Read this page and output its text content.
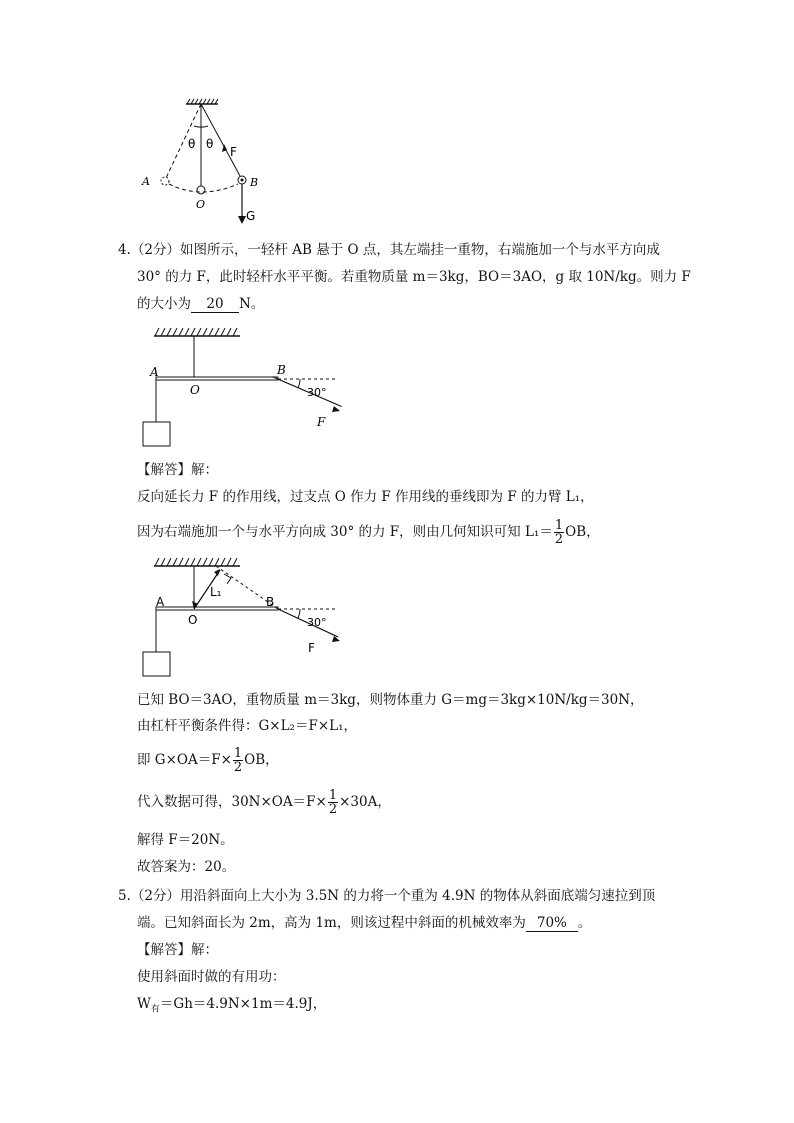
θ θ
F
A	B
O
G
4.（2分）如图所示，一轻杆 AB 悬于 O 点，其左端挂一重物，右端施加一个与水平方向成
30° 的力 F，此时轻杆水平平衡。若重物质量 m＝3kg，BO＝3AO，g 取 10N/kg。则力 F
的大小为 20 N。
A
O
B
30°
F
【解答】解：
反向延长力 F 的作用线，过支点 O 作力 F 作用线的垂线即为 F 的力臂 L₁，
因为右端施加一个与水平方向成 30° 的力 F，则由几何知识可知 $L_1= \frac{1}{2}$ OB，
A
O
B
L₁
30°
F
已知 BO＝3AO，重物质量 m＝3kg，则物体重力 G＝mg＝3kg×10N/kg＝30N，
由杠杆平衡条件得：G×L₂＝F×L₁，
即 $G\times OA=F\times \frac{1}{2}$ OB，
代入数据可得，$30N\times OA=F\times \frac{1}{2} \times 30A$，
解得 F＝20N。
故答案为：20。
5.（2分）用沿斜面向上大小为 3.5N 的力将一个重为 4.9N 的物体从斜面底端匀速拉到顶
端。已知斜面长为 2m，高为 1m，则该过程中斜面的机械效率为 70% 。
【解答】解：
使用斜面时做的有用功：
$W_有=Gh=4.9N\times 1m=4.9J$，
